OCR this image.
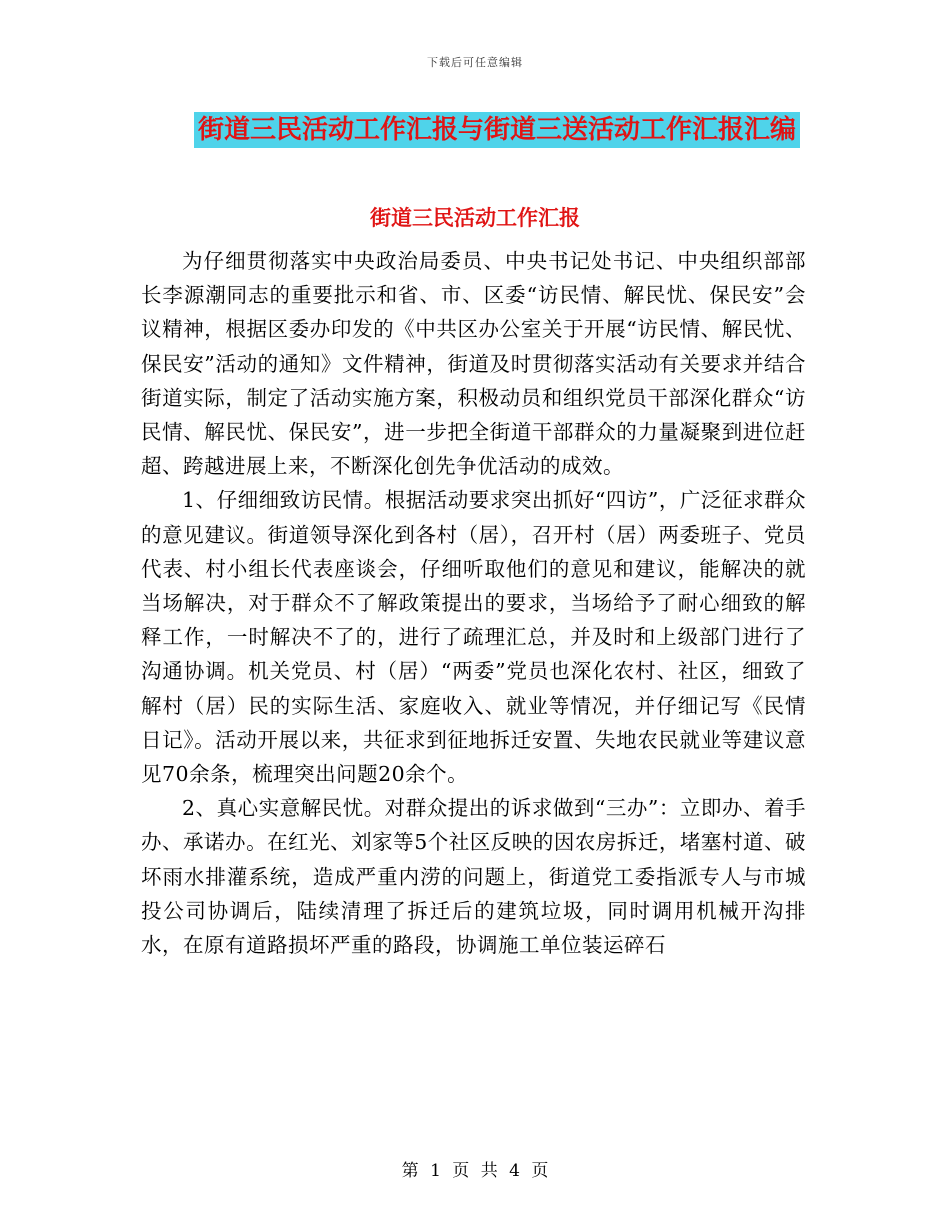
下载后可任意编辑
街道三民活动工作汇报与街道三送活动工作汇报汇编
街道三民活动工作汇报

为仔细贯彻落实中央政治局委员、中央书记处书记、中央组织部部长李源潮同志的重要批示和省、市、区委“访民情、解民忧、保民安”会议精神，根据区委办印发的《中共区办公室关于开展“访民情、解民忧、保民安”活动的通知》文件精神，街道及时贯彻落实活动有关要求并结合街道实际，制定了活动实施方案，积极动员和组织党员干部深化群众“访民情、解民忧、保民安”，进一步把全街道干部群众的力量凝聚到进位赶超、跨越进展上来，不断深化创先争优活动的成效。

1、仔细细致访民情。根据活动要求突出抓好“四访”，广泛征求群众的意见建议。街道领导深化到各村（居），召开村（居）两委班子、党员代表、村小组长代表座谈会，仔细听取他们的意见和建议，能解决的就当场解决，对于群众不了解政策提出的要求，当场给予了耐心细致的解释工作，一时解决不了的，进行了疏理汇总，并及时和上级部门进行了沟通协调。机关党员、村（居）“两委”党员也深化农村、社区，细致了解村（居）民的实际生活、家庭收入、就业等情况，并仔细记写《民情日记》。活动开展以来，共征求到征地拆迁安置、失地农民就业等建议意见70余条，梳理突出问题20余个。

2、真心实意解民忧。对群众提出的诉求做到“三办”：立即办、着手办、承诺办。在红光、刘家等5个社区反映的因农房拆迁，堵塞村道、破坏雨水排灌系统，造成严重内涝的问题上，街道党工委指派专人与市城投公司协调后，陆续清理了拆迁后的建筑垃圾，同时调用机械开沟排水，在原有道路损坏严重的路段，协调施工单位装运碎石

第 1 页 共 4 页
